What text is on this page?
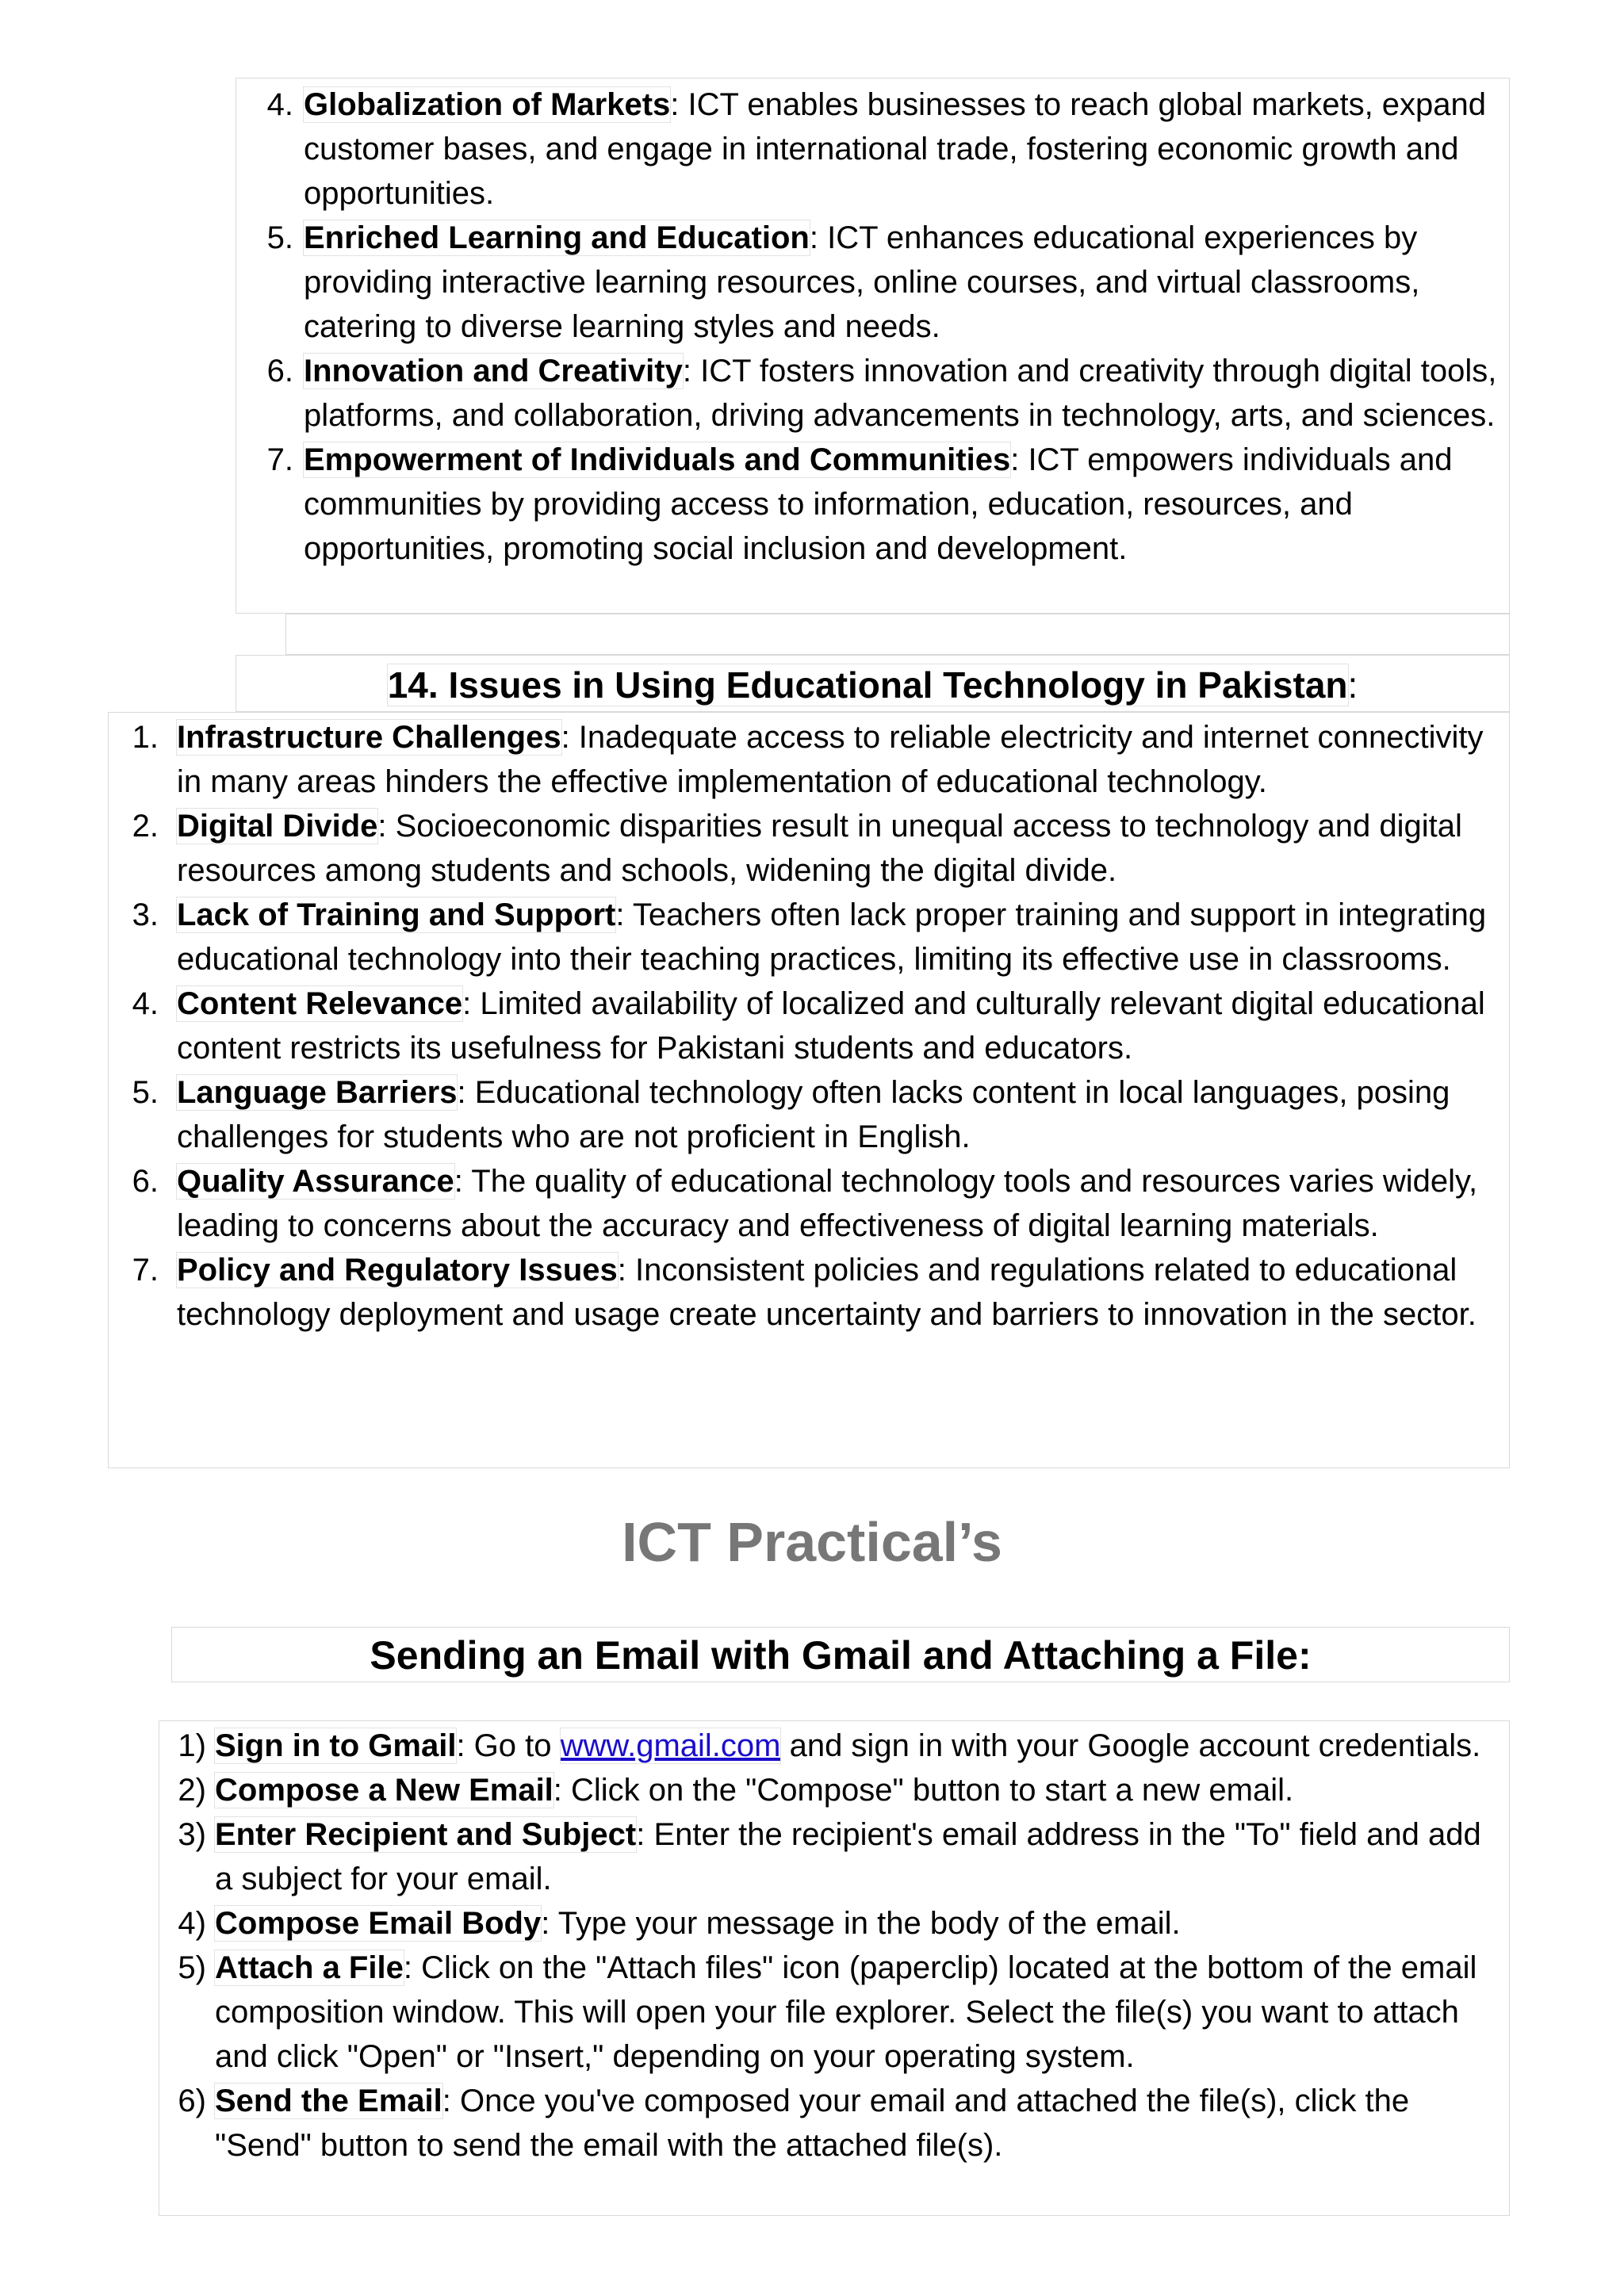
4. Globalization of Markets: ICT enables businesses to reach global markets, expand customer bases, and engage in international trade, fostering economic growth and opportunities.
5. Enriched Learning and Education: ICT enhances educational experiences by providing interactive learning resources, online courses, and virtual classrooms, catering to diverse learning styles and needs.
6. Innovation and Creativity: ICT fosters innovation and creativity through digital tools, platforms, and collaboration, driving advancements in technology, arts, and sciences.
7. Empowerment of Individuals and Communities: ICT empowers individuals and communities by providing access to information, education, resources, and opportunities, promoting social inclusion and development.
14. Issues in Using Educational Technology in Pakistan:
1. Infrastructure Challenges: Inadequate access to reliable electricity and internet connectivity in many areas hinders the effective implementation of educational technology.
2. Digital Divide: Socioeconomic disparities result in unequal access to technology and digital resources among students and schools, widening the digital divide.
3. Lack of Training and Support: Teachers often lack proper training and support in integrating educational technology into their teaching practices, limiting its effective use in classrooms.
4. Content Relevance: Limited availability of localized and culturally relevant digital educational content restricts its usefulness for Pakistani students and educators.
5. Language Barriers: Educational technology often lacks content in local languages, posing challenges for students who are not proficient in English.
6. Quality Assurance: The quality of educational technology tools and resources varies widely, leading to concerns about the accuracy and effectiveness of digital learning materials.
7. Policy and Regulatory Issues: Inconsistent policies and regulations related to educational technology deployment and usage create uncertainty and barriers to innovation in the sector.
ICT Practical’s
Sending an Email with Gmail and Attaching a File:
1) Sign in to Gmail: Go to www.gmail.com and sign in with your Google account credentials.
2) Compose a New Email: Click on the "Compose" button to start a new email.
3) Enter Recipient and Subject: Enter the recipient's email address in the "To" field and add a subject for your email.
4) Compose Email Body: Type your message in the body of the email.
5) Attach a File: Click on the "Attach files" icon (paperclip) located at the bottom of the email composition window. This will open your file explorer. Select the file(s) you want to attach and click "Open" or "Insert," depending on your operating system.
6) Send the Email: Once you've composed your email and attached the file(s), click the "Send" button to send the email with the attached file(s).
